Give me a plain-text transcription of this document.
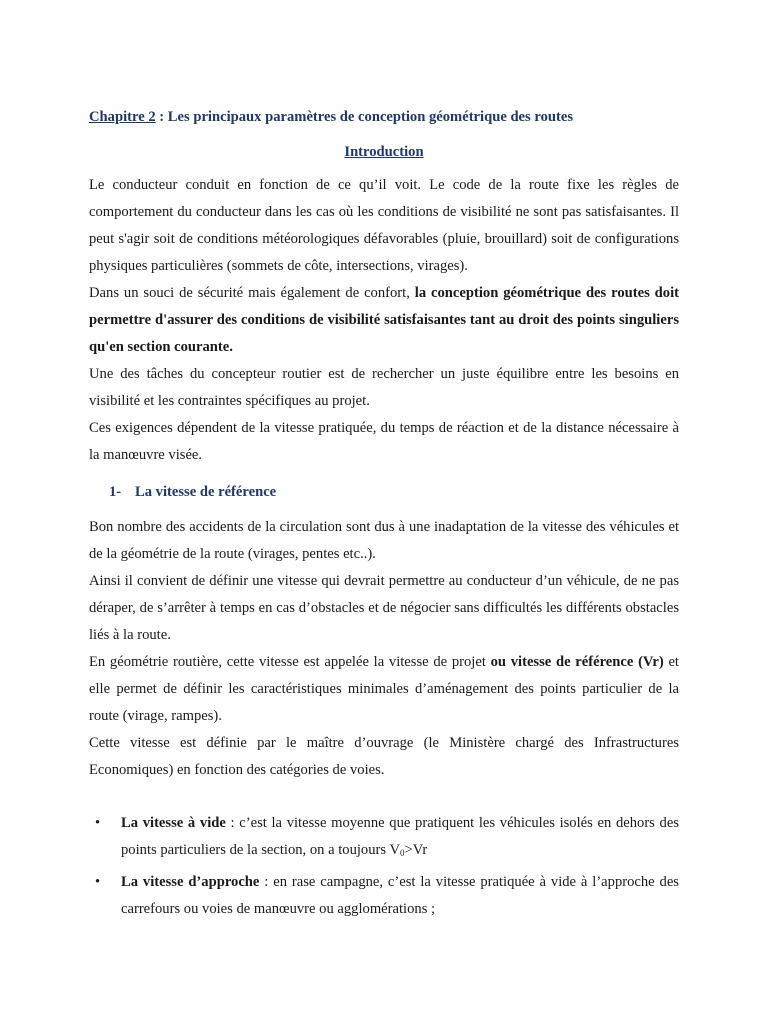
Chapitre 2 : Les principaux paramètres de conception géométrique des routes
Introduction

Le conducteur conduit en fonction de ce qu’il voit. Le code de la route fixe les règles de comportement du conducteur dans les cas où les conditions de visibilité ne sont pas satisfaisantes. Il peut s'agir soit de conditions météorologiques défavorables (pluie, brouillard) soit de configurations physiques particulières (sommets de côte, intersections, virages).

Dans un souci de sécurité mais également de confort, la conception géométrique des routes doit permettre d'assurer des conditions de visibilité satisfaisantes tant au droit des points singuliers qu'en section courante.

Une des tâches du concepteur routier est de rechercher un juste équilibre entre les besoins en visibilité et les contraintes spécifiques au projet.

Ces exigences dépendent de la vitesse pratiquée, du temps de réaction et de la distance nécessaire à la manœuvre visée.

1- La vitesse de référence

Bon nombre des accidents de la circulation sont dus à une inadaptation de la vitesse des véhicules et de la géométrie de la route (virages, pentes etc..).

Ainsi il convient de définir une vitesse qui devrait permettre au conducteur d’un véhicule, de ne pas déraper, de s’arrêter à temps en cas d’obstacles et de négocier sans difficultés les différents obstacles liés à la route.

En géométrie routière, cette vitesse est appelée la vitesse de projet ou vitesse de référence (Vr) et elle permet de définir les caractéristiques minimales d’aménagement des points particulier de la route (virage, rampes).

Cette vitesse est définie par le maître d’ouvrage (le Ministère chargé des Infrastructures Economiques) en fonction des catégories de voies.

• La vitesse à vide : c’est la vitesse moyenne que pratiquent les véhicules isolés en dehors des points particuliers de la section, on a toujours $V_0>Vr$
• La vitesse d’approche : en rase campagne, c’est la vitesse pratiquée à vide à l’approche des carrefours ou voies de manœuvre ou agglomérations ;
